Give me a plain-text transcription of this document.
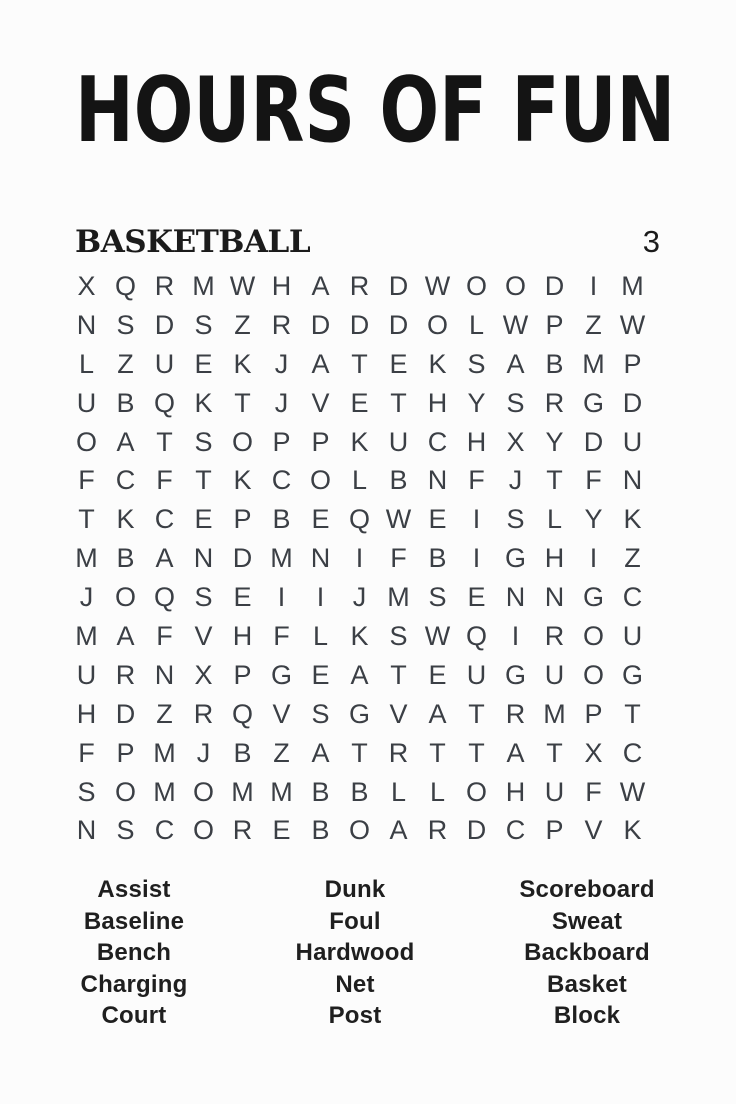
HOURS OF FUN
BASKETBALL	3
X Q R M W H A R D W O O D I M
N S D S Z R D D D O L W P Z W
L Z U E K J A T E K S A B M P
U B Q K T J V E T H Y S R G D
O A T S O P P K U C H X Y D U
F C F T K C O L B N F J T F N
T K C E P B E Q W E I S L Y K
M B A N D M N I	F B I G H I	Z
J O Q S E I	I	J M S E N N G C
M A F V H F L K S W Q I R O U
U R N X P G E A T E U G U O G
H D Z R Q V S G V A T R M P T
F P M J B Z A T R T T A T X C
S O M O M M B B L L O H U F W
N S C O R E B O A R D C P V K
Assist
Baseline
Bench
Charging
Court
Dunk
Foul
Hardwood
Net
Post
Scoreboard
Sweat
Backboard
Basket
Block
